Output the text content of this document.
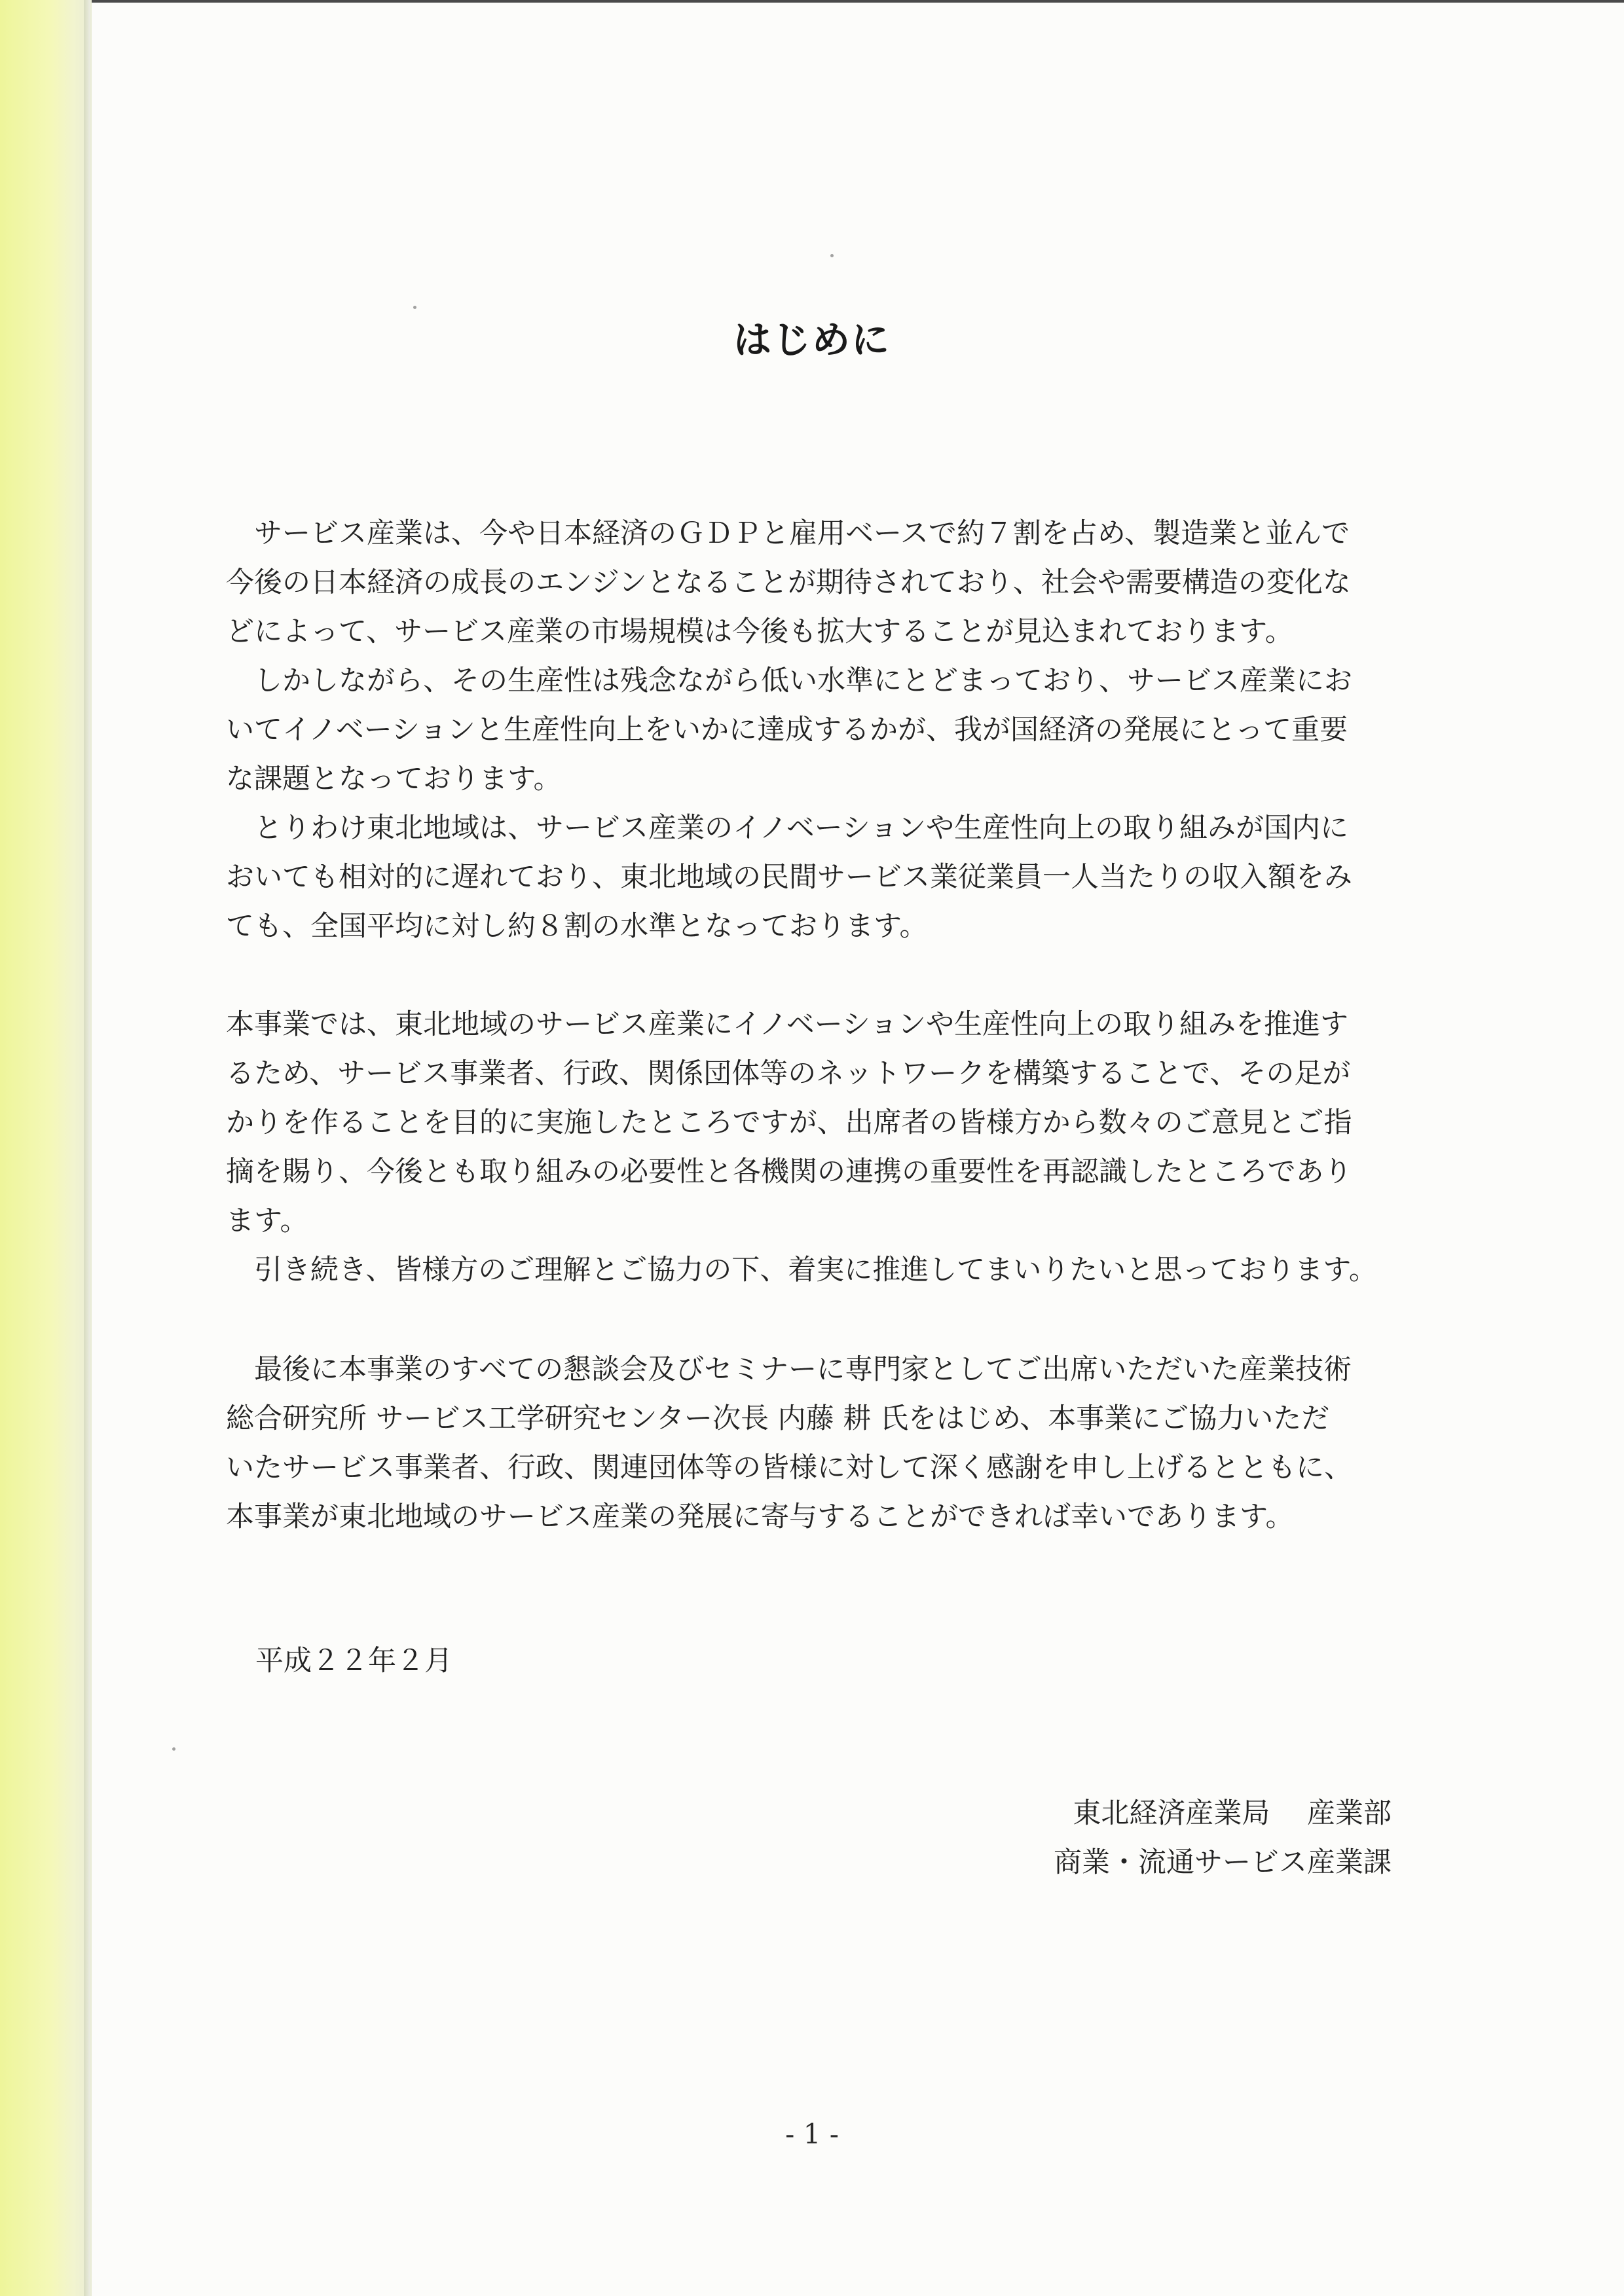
はじめに

　サービス産業は、今や日本経済のＧＤＰと雇用ベースで約７割を占め、製造業と並んで
今後の日本経済の成長のエンジンとなることが期待されており、社会や需要構造の変化な
どによって、サービス産業の市場規模は今後も拡大することが見込まれております。
　しかしながら、その生産性は残念ながら低い水準にとどまっており、サービス産業にお
いてイノベーションと生産性向上をいかに達成するかが、我が国経済の発展にとって重要
な課題となっております。
　とりわけ東北地域は、サービス産業のイノベーションや生産性向上の取り組みが国内に
おいても相対的に遅れており、東北地域の民間サービス業従業員一人当たりの収入額をみ
ても、全国平均に対し約８割の水準となっております。

本事業では、東北地域のサービス産業にイノベーションや生産性向上の取り組みを推進す
るため、サービス事業者、行政、関係団体等のネットワークを構築することで、その足が
かりを作ることを目的に実施したところですが、出席者の皆様方から数々のご意見とご指
摘を賜り、今後とも取り組みの必要性と各機関の連携の重要性を再認識したところであり
ます。
　引き続き、皆様方のご理解とご協力の下、着実に推進してまいりたいと思っております。

　最後に本事業のすべての懇談会及びセミナーに専門家としてご出席いただいた産業技術
総合研究所 サービス工学研究センター次長 内藤 耕 氏をはじめ、本事業にご協力いただ
いたサービス事業者、行政、関連団体等の皆様に対して深く感謝を申し上げるとともに、
本事業が東北地域のサービス産業の発展に寄与することができれば幸いであります。

平成２２年２月
東北経済産業局　 産業部
商業・流通サービス産業課
- 1 -
